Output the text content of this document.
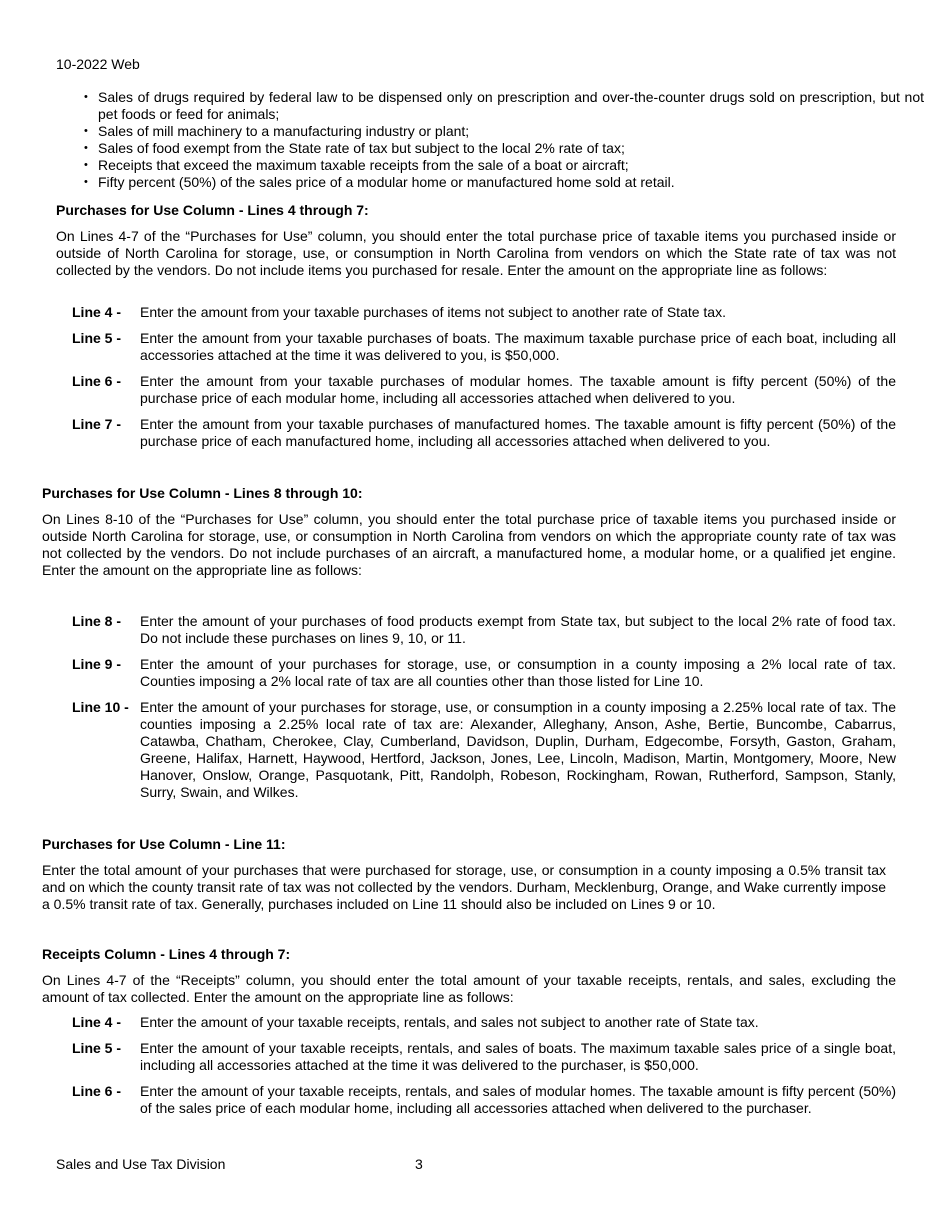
10-2022 Web
• Sales of drugs required by federal law to be dispensed only on prescription and over-the-counter drugs sold on prescription, but not pet foods or feed for animals;
• Sales of mill machinery to a manufacturing industry or plant;
• Sales of food exempt from the State rate of tax but subject to the local 2% rate of tax;
• Receipts that exceed the maximum taxable receipts from the sale of a boat or aircraft;
• Fifty percent (50%) of the sales price of a modular home or manufactured home sold at retail.
Purchases for Use Column - Lines 4 through 7:

On Lines 4-7 of the “Purchases for Use” column, you should enter the total purchase price of taxable items you purchased inside or outside of North Carolina for storage, use, or consumption in North Carolina from vendors on which the State rate of tax was not collected by the vendors. Do not include items you purchased for resale. Enter the amount on the appropriate line as follows:

Line 4 - Enter the amount from your taxable purchases of items not subject to another rate of State tax.
Line 5 - Enter the amount from your taxable purchases of boats. The maximum taxable purchase price of each boat, including all accessories attached at the time it was delivered to you, is $50,000.
Line 6 - Enter the amount from your taxable purchases of modular homes. The taxable amount is fifty percent (50%) of the purchase price of each modular home, including all accessories attached when delivered to you.
Line 7 - Enter the amount from your taxable purchases of manufactured homes. The taxable amount is fifty percent (50%) of the purchase price of each manufactured home, including all accessories attached when delivered to you.
Purchases for Use Column - Lines 8 through 10:

On Lines 8-10 of the “Purchases for Use” column, you should enter the total purchase price of taxable items you purchased inside or outside North Carolina for storage, use, or consumption in North Carolina from vendors on which the appropriate county rate of tax was not collected by the vendors. Do not include purchases of an aircraft, a manufactured home, a modular home, or a qualified jet engine. Enter the amount on the appropriate line as follows:

Line 8 - Enter the amount of your purchases of food products exempt from State tax, but subject to the local 2% rate of food tax. Do not include these purchases on lines 9, 10, or 11.
Line 9 - Enter the amount of your purchases for storage, use, or consumption in a county imposing a 2% local rate of tax. Counties imposing a 2% local rate of tax are all counties other than those listed for Line 10.
Line 10 - Enter the amount of your purchases for storage, use, or consumption in a county imposing a 2.25% local rate of tax. The counties imposing a 2.25% local rate of tax are: Alexander, Alleghany, Anson, Ashe, Bertie, Buncombe, Cabarrus, Catawba, Chatham, Cherokee, Clay, Cumberland, Davidson, Duplin, Durham, Edgecombe, Forsyth, Gaston, Graham, Greene, Halifax, Harnett, Haywood, Hertford, Jackson, Jones, Lee, Lincoln, Madison, Martin, Montgomery, Moore, New Hanover, Onslow, Orange, Pasquotank, Pitt, Randolph, Robeson, Rockingham, Rowan, Rutherford, Sampson, Stanly, Surry, Swain, and Wilkes.
Purchases for Use Column - Line 11:

Enter the total amount of your purchases that were purchased for storage, use, or consumption in a county imposing a 0.5% transit tax and on which the county transit rate of tax was not collected by the vendors. Durham, Mecklenburg, Orange, and Wake currently impose a 0.5% transit rate of tax. Generally, purchases included on Line 11 should also be included on Lines 9 or 10.

Receipts Column - Lines 4 through 7:

On Lines 4-7 of the “Receipts” column, you should enter the total amount of your taxable receipts, rentals, and sales, excluding the amount of tax collected. Enter the amount on the appropriate line as follows:

Line 4 - Enter the amount of your taxable receipts, rentals, and sales not subject to another rate of State tax.
Line 5 - Enter the amount of your taxable receipts, rentals, and sales of boats. The maximum taxable sales price of a single boat, including all accessories attached at the time it was delivered to the purchaser, is $50,000.
Line 6 - Enter the amount of your taxable receipts, rentals, and sales of modular homes. The taxable amount is fifty percent (50%) of the sales price of each modular home, including all accessories attached when delivered to the purchaser.
Sales and Use Tax Division	3
